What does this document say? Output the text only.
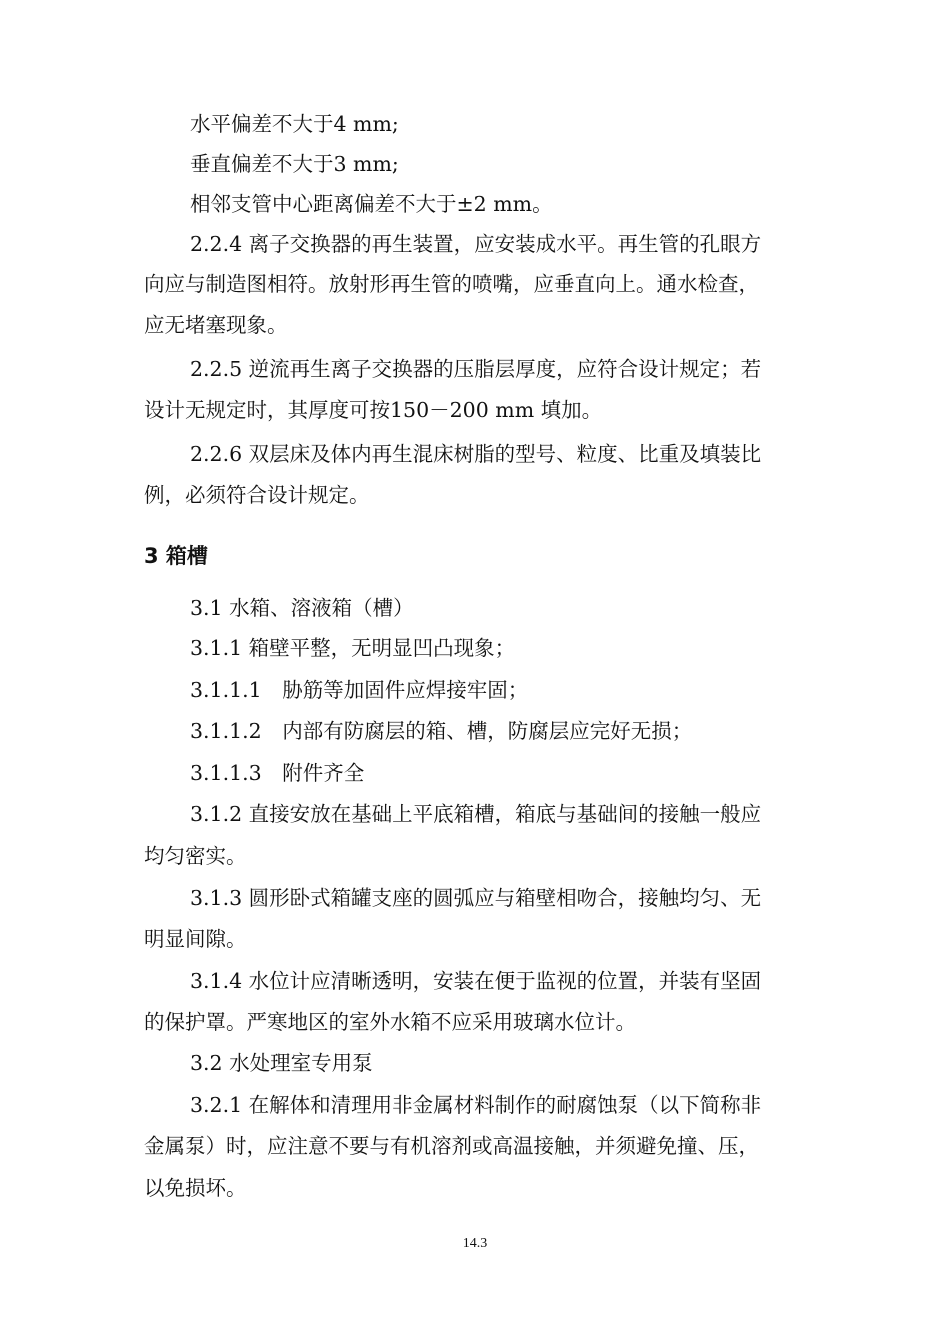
水平偏差不大于4 mm;
垂直偏差不大于3 mm;
相邻支管中心距离偏差不大于±2 mm。
2.2.4 离子交换器的再生装置，应安装成水平。再生管的孔眼方
向应与制造图相符。放射形再生管的喷嘴，应垂直向上。通水检查，
应无堵塞现象。
2.2.5 逆流再生离子交换器的压脂层厚度，应符合设计规定；若
设计无规定时，其厚度可按150－200 mm 填加。
2.2.6 双层床及体内再生混床树脂的型号、粒度、比重及填装比
例，必须符合设计规定。
3 箱槽
3.1 水箱、溶液箱（槽）
3.1.1 箱壁平整，无明显凹凸现象；
3.1.1.1　胁筋等加固件应焊接牢固；
3.1.1.2　内部有防腐层的箱、槽，防腐层应完好无损；
3.1.1.3　附件齐全
3.1.2 直接安放在基础上平底箱槽，箱底与基础间的接触一般应
均匀密实。
3.1.3 圆形卧式箱罐支座的圆弧应与箱壁相吻合，接触均匀、无
明显间隙。
3.1.4 水位计应清晰透明，安装在便于监视的位置，并装有坚固
的保护罩。严寒地区的室外水箱不应采用玻璃水位计。
3.2 水处理室专用泵
3.2.1 在解体和清理用非金属材料制作的耐腐蚀泵（以下简称非
金属泵）时，应注意不要与有机溶剂或高温接触，并须避免撞、压，
以免损坏。
14.3
